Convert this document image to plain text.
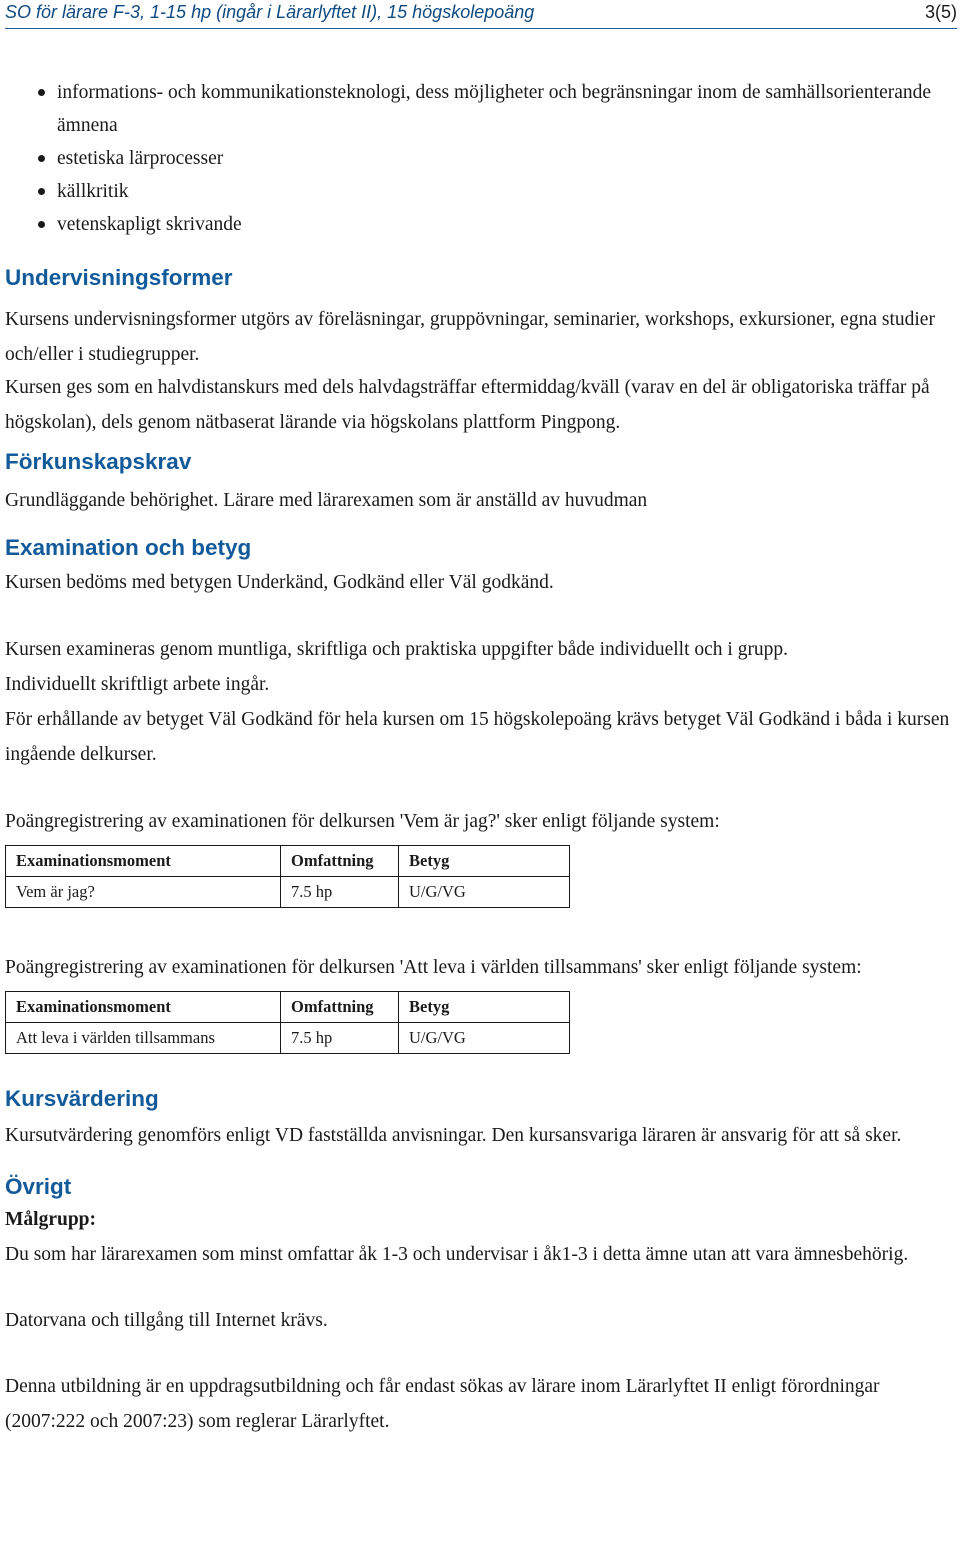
SO för lärare F-3, 1-15 hp (ingår i Lärarlyftet II), 15 högskolepoäng	3(5)
informations- och kommunikationsteknologi, dess möjligheter och begränsningar inom de samhällsorienterande ämnena
estetiska lärprocesser
källkritik
vetenskapligt skrivande
Undervisningsformer

Kursens undervisningsformer utgörs av föreläsningar, gruppövningar, seminarier, workshops, exkursioner, egna studier och/eller i studiegrupper.

Kursen ges som en halvdistanskurs med dels halvdagsträffar eftermiddag/kväll (varav en del är obligatoriska träffar på högskolan), dels genom nätbaserat lärande via högskolans plattform Pingpong.

Förkunskapskrav

Grundläggande behörighet. Lärare med lärarexamen som är anställd av huvudman

Examination och betyg

Kursen bedöms med betygen Underkänd, Godkänd eller Väl godkänd.

Kursen examineras genom muntliga, skriftliga och praktiska uppgifter både individuellt och i grupp.

Individuellt skriftligt arbete ingår.

För erhållande av betyget Väl Godkänd för hela kursen om 15 högskolepoäng krävs betyget Väl Godkänd i båda i kursen ingående delkurser.

Poängregistrering av examinationen för delkursen 'Vem är jag?' sker enligt följande system:

Examinationsmoment	Omfattning	Betyg
Vem är jag?	7.5 hp	U/G/VG

Poängregistrering av examinationen för delkursen 'Att leva i världen tillsammans' sker enligt följande system:

Examinationsmoment	Omfattning	Betyg
Att leva i världen tillsammans	7.5 hp	U/G/VG
Kursvärdering

Kursutvärdering genomförs enligt VD fastställda anvisningar. Den kursansvariga läraren är ansvarig för att så sker.

Övrigt

Målgrupp:

Du som har lärarexamen som minst omfattar åk 1-3 och undervisar i åk1-3 i detta ämne utan att vara ämnesbehörig.

Datorvana och tillgång till Internet krävs.

Denna utbildning är en uppdragsutbildning och får endast sökas av lärare inom Lärarlyftet II enligt förordningar (2007:222 och 2007:23) som reglerar Lärarlyftet.
